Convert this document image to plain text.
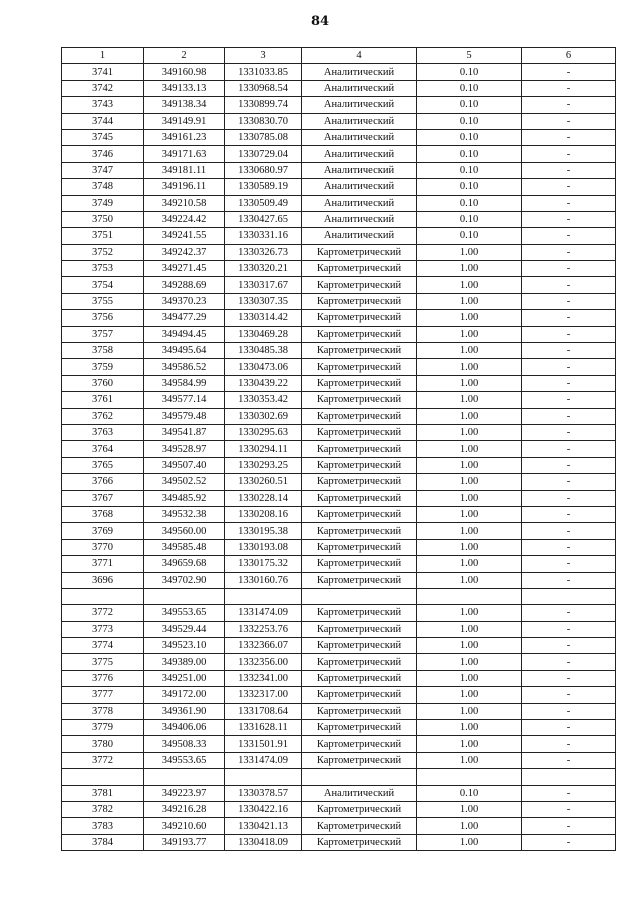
84
1	2	3	4	5	6
3741	349160.98	1331033.85	Аналитический	0.10	-
3742	349133.13	1330968.54	Аналитический	0.10	-
3743	349138.34	1330899.74	Аналитический	0.10	-
3744	349149.91	1330830.70	Аналитический	0.10	-
3745	349161.23	1330785.08	Аналитический	0.10	-
3746	349171.63	1330729.04	Аналитический	0.10	-
3747	349181.11	1330680.97	Аналитический	0.10	-
3748	349196.11	1330589.19	Аналитический	0.10	-
3749	349210.58	1330509.49	Аналитический	0.10	-
3750	349224.42	1330427.65	Аналитический	0.10	-
3751	349241.55	1330331.16	Аналитический	0.10	-
3752	349242.37	1330326.73	Картометрический	1.00	-
3753	349271.45	1330320.21	Картометрический	1.00	-
3754	349288.69	1330317.67	Картометрический	1.00	-
3755	349370.23	1330307.35	Картометрический	1.00	-
3756	349477.29	1330314.42	Картометрический	1.00	-
3757	349494.45	1330469.28	Картометрический	1.00	-
3758	349495.64	1330485.38	Картометрический	1.00	-
3759	349586.52	1330473.06	Картометрический	1.00	-
3760	349584.99	1330439.22	Картометрический	1.00	-
3761	349577.14	1330353.42	Картометрический	1.00	-
3762	349579.48	1330302.69	Картометрический	1.00	-
3763	349541.87	1330295.63	Картометрический	1.00	-
3764	349528.97	1330294.11	Картометрический	1.00	-
3765	349507.40	1330293.25	Картометрический	1.00	-
3766	349502.52	1330260.51	Картометрический	1.00	-
3767	349485.92	1330228.14	Картометрический	1.00	-
3768	349532.38	1330208.16	Картометрический	1.00	-
3769	349560.00	1330195.38	Картометрический	1.00	-
3770	349585.48	1330193.08	Картометрический	1.00	-
3771	349659.68	1330175.32	Картометрический	1.00	-
3696	349702.90	1330160.76	Картометрический	1.00	-

3772	349553.65	1331474.09	Картометрический	1.00	-
3773	349529.44	1332253.76	Картометрический	1.00	-
3774	349523.10	1332366.07	Картометрический	1.00	-
3775	349389.00	1332356.00	Картометрический	1.00	-
3776	349251.00	1332341.00	Картометрический	1.00	-
3777	349172.00	1332317.00	Картометрический	1.00	-
3778	349361.90	1331708.64	Картометрический	1.00	-
3779	349406.06	1331628.11	Картометрический	1.00	-
3780	349508.33	1331501.91	Картометрический	1.00	-
3772	349553.65	1331474.09	Картометрический	1.00	-

3781	349223.97	1330378.57	Аналитический	0.10	-
3782	349216.28	1330422.16	Картометрический	1.00	-
3783	349210.60	1330421.13	Картометрический	1.00	-
3784	349193.77	1330418.09	Картометрический	1.00	-
